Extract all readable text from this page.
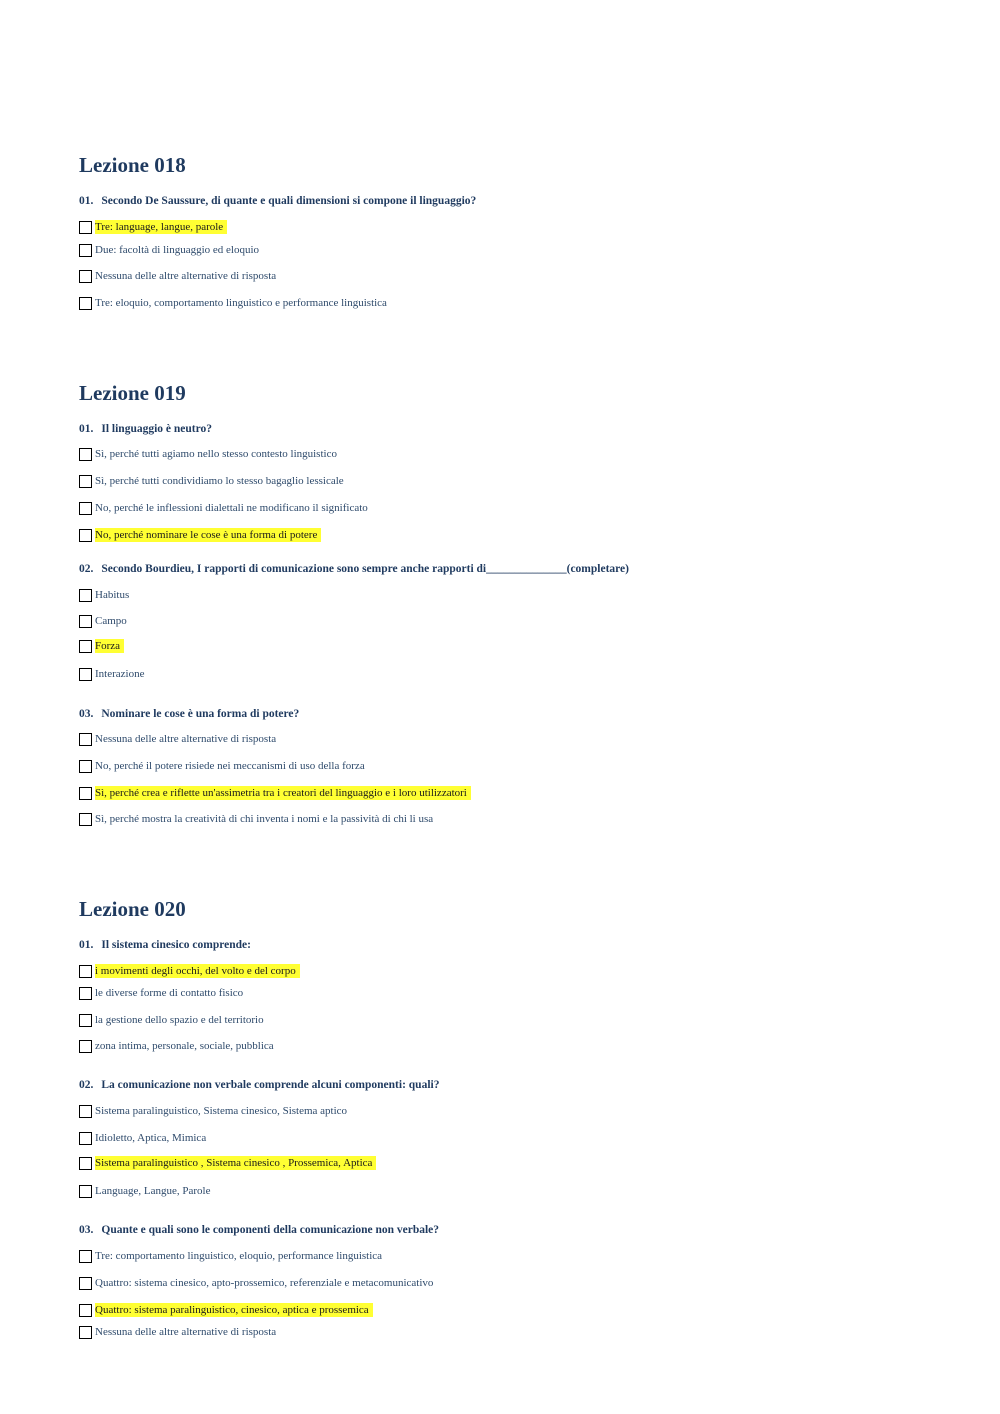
Lezione 018
01. Secondo De Saussure, di quante e quali dimensioni si compone il linguaggio?
Tre: language, langue, parole
Due: facoltà di linguaggio ed eloquio
Nessuna delle altre alternative di risposta
Tre: eloquio, comportamento linguistico e performance linguistica
Lezione 019
01. Il linguaggio è neutro?
Sì, perché tutti agiamo nello stesso contesto linguistico
Sì, perché tutti condividiamo lo stesso bagaglio lessicale
No, perché le inflessioni dialettali ne modificano il significato
No, perché nominare le cose è una forma di potere
02. Secondo Bourdieu, I rapporti di comunicazione sono sempre anche rapporti di______________(completare)
Habitus
Campo
Forza
Interazione
03. Nominare le cose è una forma di potere?
Nessuna delle altre alternative di risposta
No, perché il potere risiede nei meccanismi di uso della forza
Sì, perché crea e riflette un'assimetria tra i creatori del linguaggio e i loro utilizzatori
Sì, perché mostra la creatività di chi inventa i nomi e la passività di chi li usa
Lezione 020
01. Il sistema cinesico comprende:
i movimenti degli occhi, del volto e del corpo
le diverse forme di contatto fisico
la gestione dello spazio e del territorio
zona intima, personale, sociale, pubblica
02. La comunicazione non verbale comprende alcuni componenti: quali?
Sistema paralinguistico, Sistema cinesico, Sistema aptico
Idioletto, Aptica, Mimica
Sistema paralinguistico , Sistema cinesico , Prossemica, Aptica
Language, Langue, Parole
03. Quante e quali sono le componenti della comunicazione non verbale?
Tre: comportamento linguistico, eloquio, performance linguistica
Quattro: sistema cinesico, apto-prossemico, referenziale e metacomunicativo
Quattro: sistema paralinguistico, cinesico, aptica e prossemica
Nessuna delle altre alternative di risposta
